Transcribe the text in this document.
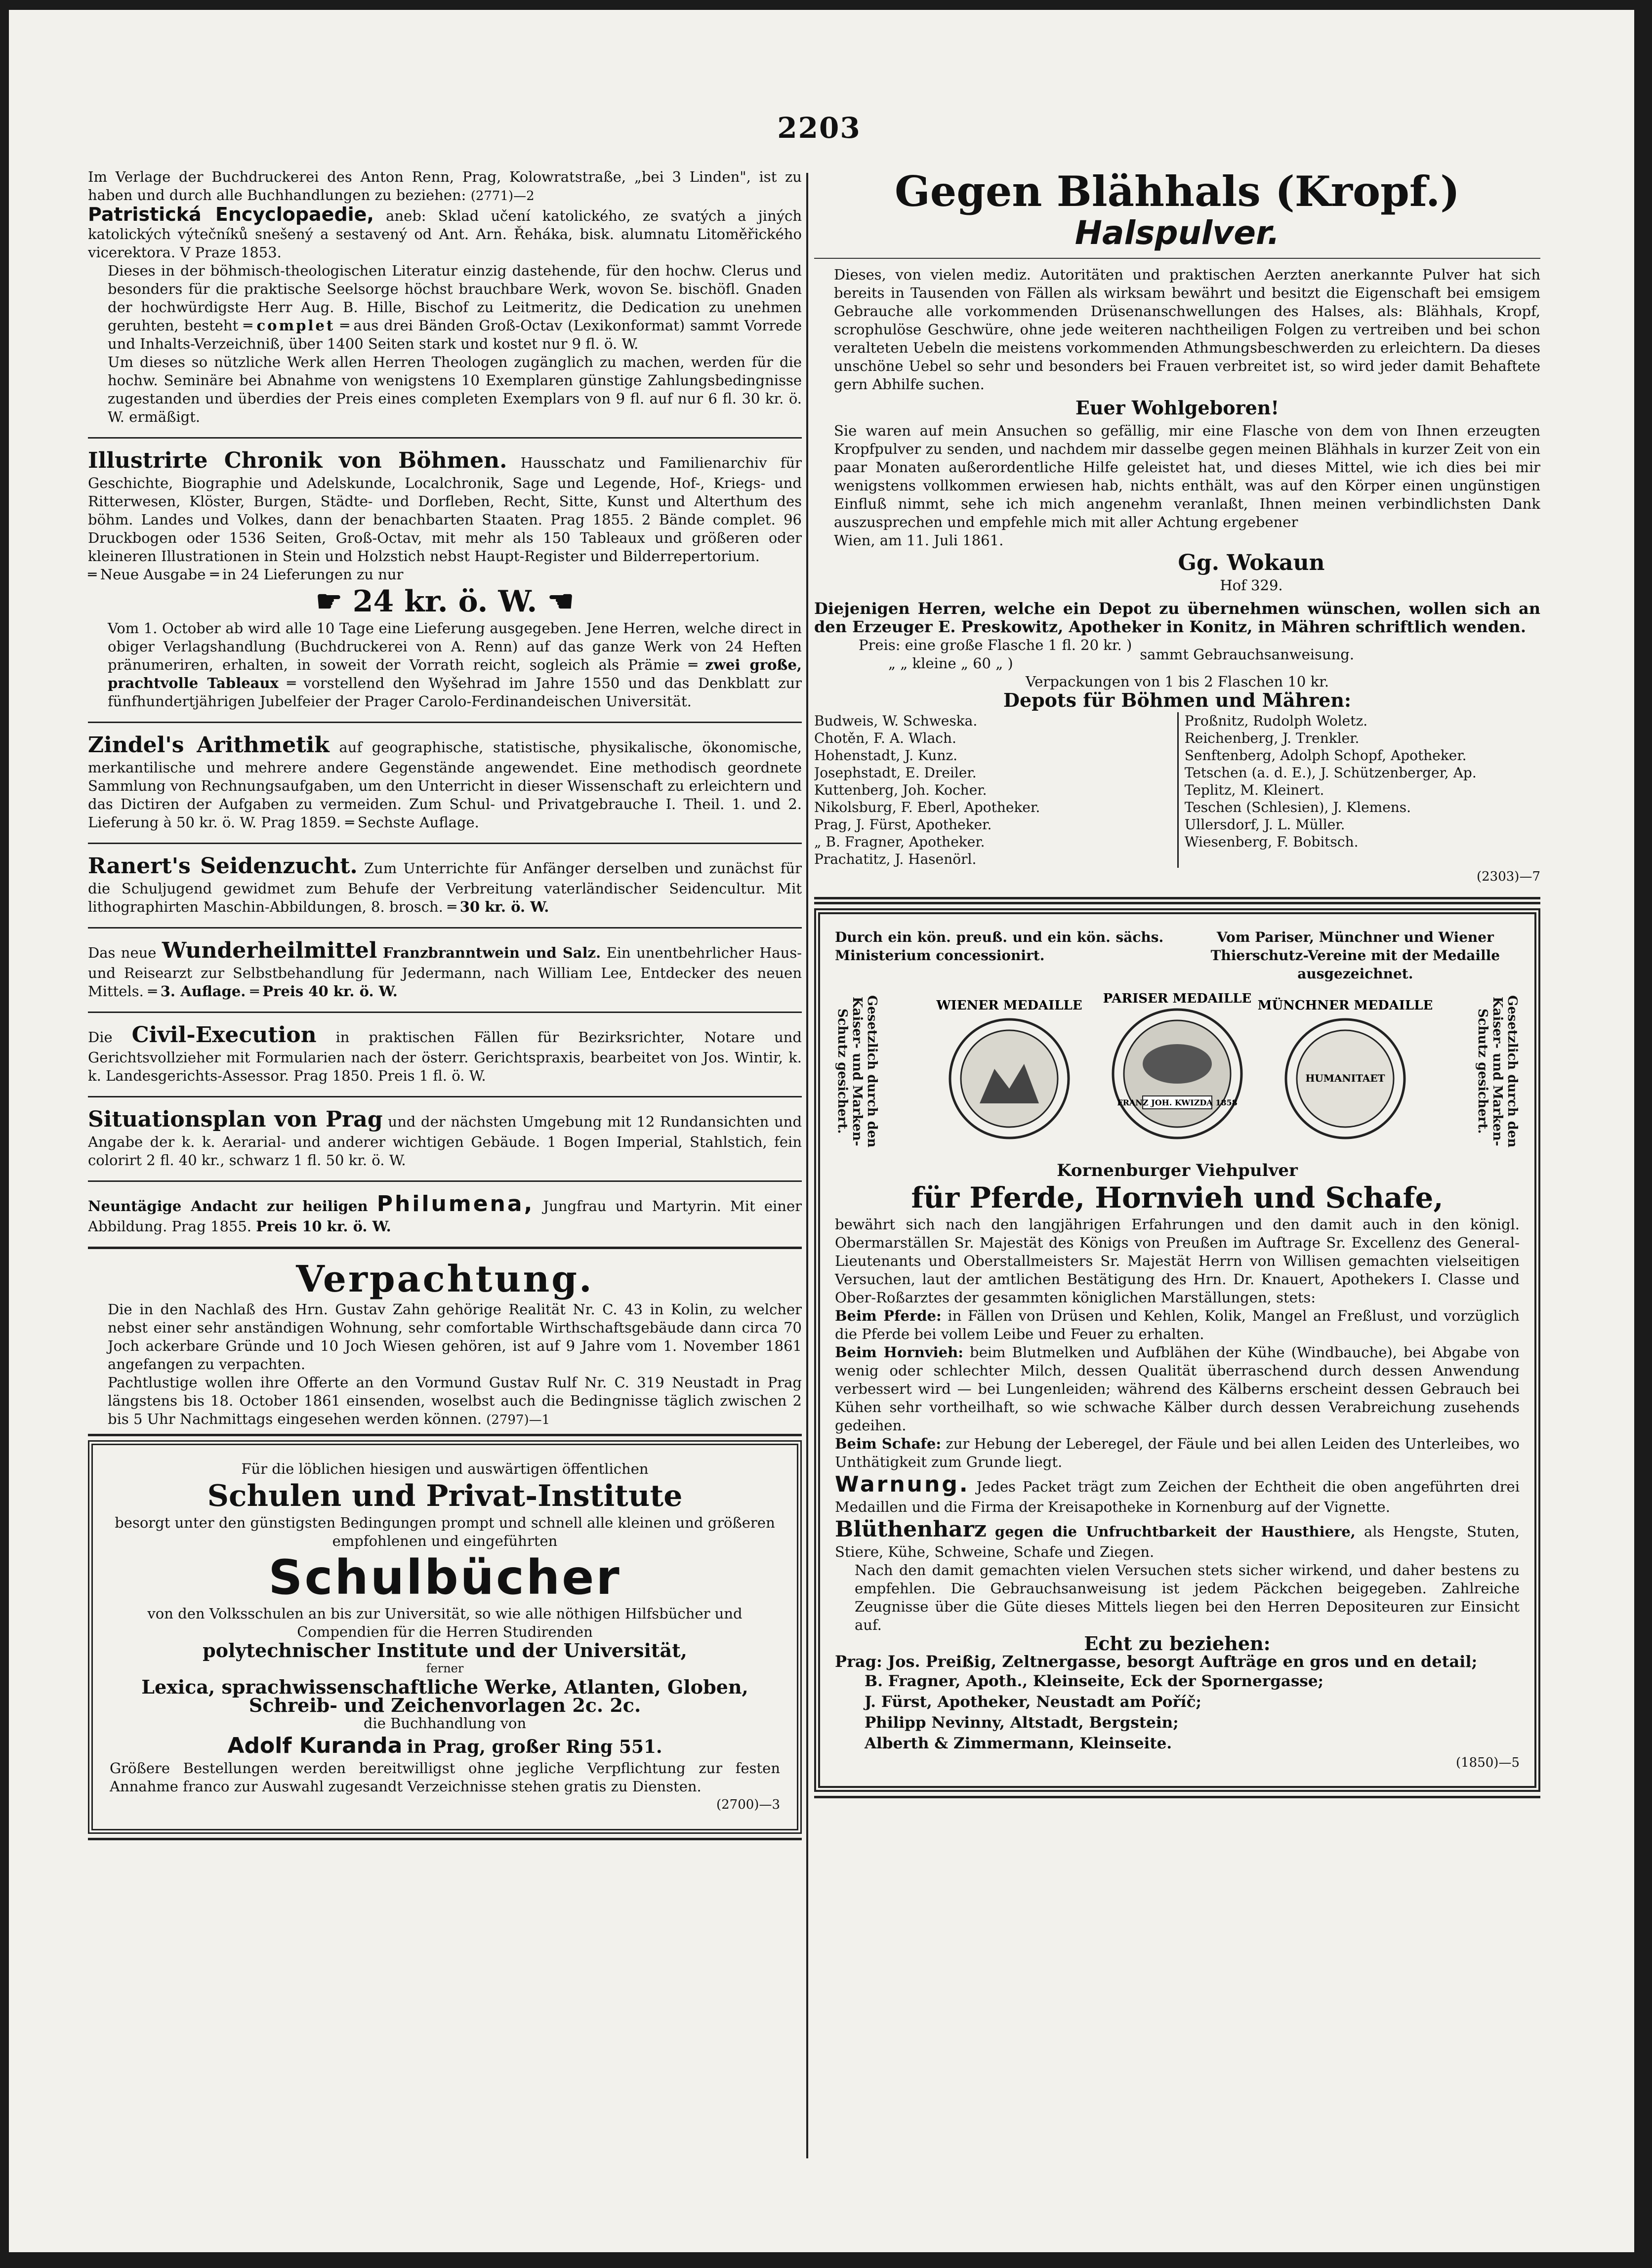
2203

Im Verlage der Buchdruckerei des Anton Renn, Prag, Kolowratstraße, „bei 3 Linden", ist zu haben und durch alle Buchhandlungen zu beziehen: (2771)—2

Patristická Encyclopaedie, aneb: Sklad učení katolického, ze svatých a jiných katolických výtečníků snešený a sestavený od Ant. Arn. Řeháka, bisk. alumnatu Litoměřického vicerektora. V Praze 1853.

Dieses in der böhmisch-theologischen Literatur einzig dastehende, für den hochw. Clerus und besonders für die praktische Seelsorge höchst brauchbare Werk, wovon Se. bischöfl. Gnaden der hochwürdigste Herr Aug. B. Hille, Bischof zu Leitmeritz, die Dedication zu unehmen geruhten, besteht ═ complet ═ aus drei Bänden Groß-Octav (Lexikonformat) sammt Vorrede und Inhalts-Verzeichniß, über 1400 Seiten stark und kostet nur 9 fl. ö. W.

Um dieses so nützliche Werk allen Herren Theologen zugänglich zu machen, werden für die hochw. Seminäre bei Abnahme von wenigstens 10 Exemplaren günstige Zahlungsbedingnisse zugestanden und überdies der Preis eines completen Exemplars von 9 fl. auf nur 6 fl. 30 kr. ö. W. ermäßigt.

Illustrirte Chronik von Böhmen. Hausschatz und Familienarchiv für Geschichte, Biographie und Adelskunde, Localchronik, Sage und Legende, Hof-, Kriegs- und Ritterwesen, Klöster, Burgen, Städte- und Dorfleben, Recht, Sitte, Kunst und Alterthum des böhm. Landes und Volkes, dann der benachbarten Staaten. Prag 1855. 2 Bände complet. 96 Druckbogen oder 1536 Seiten, Groß-Octav, mit mehr als 150 Tableaux und größeren oder kleineren Illustrationen in Stein und Holzstich nebst Haupt-Register und Bilderrepertorium.

═ Neue Ausgabe ═ in 24 Lieferungen zu nur

☛ 24 kr. ö. W. ☚

Vom 1. October ab wird alle 10 Tage eine Lieferung ausgegeben. Jene Herren, welche direct in obiger Verlagshandlung (Buchdruckerei von A. Renn) auf das ganze Werk von 24 Heften pränumeriren, erhalten, in soweit der Vorrath reicht, sogleich als Prämie ═ zwei große, prachtvolle Tableaux ═ vorstellend den Wyšehrad im Jahre 1550 und das Denkblatt zur fünfhundertjährigen Jubelfeier der Prager Carolo-Ferdinandeischen Universität.

Zindel's Arithmetik auf geographische, statistische, physikalische, ökonomische, merkantilische und mehrere andere Gegenstände angewendet. Eine methodisch geordnete Sammlung von Rechnungsaufgaben, um den Unterricht in dieser Wissenschaft zu erleichtern und das Dictiren der Aufgaben zu vermeiden. Zum Schul- und Privatgebrauche I. Theil. 1. und 2. Lieferung à 50 kr. ö. W. Prag 1859. ═ Sechste Auflage.

Ranert's Seidenzucht. Zum Unterrichte für Anfänger derselben und zunächst für die Schuljugend gewidmet zum Behufe der Verbreitung vaterländischer Seidencultur. Mit lithographirten Maschin-Abbildungen, 8. brosch. ═ 30 kr. ö. W.

Das neue Wunderheilmittel Franzbranntwein und Salz. Ein unentbehrlicher Haus- und Reisearzt zur Selbstbehandlung für Jedermann, nach William Lee, Entdecker des neuen Mittels. ═ 3. Auflage. ═ Preis 40 kr. ö. W.

Die Civil-Execution in praktischen Fällen für Bezirksrichter, Notare und Gerichtsvollzieher mit Formularien nach der österr. Gerichtspraxis, bearbeitet von Jos. Wintir, k. k. Landesgerichts-Assessor. Prag 1850. Preis 1 fl. ö. W.

Situationsplan von Prag und der nächsten Umgebung mit 12 Rundansichten und Angabe der k. k. Aerarial- und anderer wichtigen Gebäude. 1 Bogen Imperial, Stahlstich, fein colorirt 2 fl. 40 kr., schwarz 1 fl. 50 kr. ö. W.

Neuntägige Andacht zur heiligen Philumena, Jungfrau und Martyrin. Mit einer Abbildung. Prag 1855. Preis 10 kr. ö. W.

Verpachtung.

Die in den Nachlaß des Hrn. Gustav Zahn gehörige Realität Nr. C. 43 in Kolin, zu welcher nebst einer sehr anständigen Wohnung, sehr comfortable Wirthschaftsgebäude dann circa 70 Joch ackerbare Gründe und 10 Joch Wiesen gehören, ist auf 9 Jahre vom 1. November 1861 angefangen zu verpachten.

Pachtlustige wollen ihre Offerte an den Vormund Gustav Rulf Nr. C. 319 Neustadt in Prag längstens bis 18. October 1861 einsenden, woselbst auch die Bedingnisse täglich zwischen 2 bis 5 Uhr Nachmittags eingesehen werden können. (2797)—1

Für die löblichen hiesigen und auswärtigen öffentlichen

Schulen und Privat-Institute

besorgt unter den günstigsten Bedingungen prompt und schnell alle kleinen und größeren empfohlenen und eingeführten

Schulbücher

von den Volksschulen an bis zur Universität, so wie alle nöthigen Hilfsbücher und Compendien für die Herren Studirenden

polytechnischer Institute und der Universität,

ferner

Lexica, sprachwissenschaftliche Werke, Atlanten, Globen, Schreib- und Zeichenvorlagen 2c. 2c.

die Buchhandlung von

Adolf Kuranda in Prag, großer Ring 551.

Größere Bestellungen werden bereitwilligst ohne jegliche Verpflichtung zur festen Annahme franco zur Auswahl zugesandt Verzeichnisse stehen gratis zu Diensten.

(2700)—3

Gegen Blähhals (Kropf.)
Halspulver.

Dieses, von vielen mediz. Autoritäten und praktischen Aerzten anerkannte Pulver hat sich bereits in Tausenden von Fällen als wirksam bewährt und besitzt die Eigenschaft bei emsigem Gebrauche alle vorkommenden Drüsenanschwellungen des Halses, als: Blähhals, Kropf, scrophulöse Geschwüre, ohne jede weiteren nachtheiligen Folgen zu vertreiben und bei schon veralteten Uebeln die meistens vorkommenden Athmungsbeschwerden zu erleichtern. Da dieses unschöne Uebel so sehr und besonders bei Frauen verbreitet ist, so wird jeder damit Behaftete gern Abhilfe suchen.

Euer Wohlgeboren!

Sie waren auf mein Ansuchen so gefällig, mir eine Flasche von dem von Ihnen erzeugten Kropfpulver zu senden, und nachdem mir dasselbe gegen meinen Blähhals in kurzer Zeit von ein paar Monaten außerordentliche Hilfe geleistet hat, und dieses Mittel, wie ich dies bei mir wenigstens vollkommen erwiesen hab, nichts enthält, was auf den Körper einen ungünstigen Einfluß nimmt, sehe ich mich angenehm veranlaßt, Ihnen meinen verbindlichsten Dank auszusprechen und empfehle mich mit aller Achtung ergebener

Wien, am 11. Juli 1861.

Gg. Wokaun

Hof 329.

Diejenigen Herren, welche ein Depot zu übernehmen wünschen, wollen sich an den Erzeuger E. Preskowitz, Apotheker in Konitz, in Mähren schriftlich wenden.

Preis: eine große Flasche 1 fl. 20 kr. )

„ „ kleine „ 60 „ )

sammt Gebrauchsanweisung.

Verpackungen von 1 bis 2 Flaschen 10 kr.

Depots für Böhmen und Mähren:

Budweis, W. Schweska.

Chotěn, F. A. Wlach.

Hohenstadt, J. Kunz.

Josephstadt, E. Dreiler.

Kuttenberg, Joh. Kocher.

Nikolsburg, F. Eberl, Apotheker.

Prag, J. Fürst, Apotheker.

„ B. Fragner, Apotheker.

Prachatitz, J. Hasenörl.

Proßnitz, Rudolph Woletz.

Reichenberg, J. Trenkler.

Senftenberg, Adolph Schopf, Apotheker.

Tetschen (a. d. E.), J. Schützenberger, Ap.

Teplitz, M. Kleinert.

Teschen (Schlesien), J. Klemens.

Ullersdorf, J. L. Müller.

Wiesenberg, F. Bobitsch.

(2303)—7

Durch ein kön. preuß. und ein kön. sächs. Ministerium concessionirt.

Vom Pariser, Münchner und Wiener Thierschutz-Vereine mit der Medaille ausgezeichnet.

Gesetzlich durch den Kaiser- und Marken-Schutz gesichert.	FRANZ JOH. KWIZDA 1858
HUMANITAET
WIENER MEDAILLE PARISER MEDAILLE MÜNCHNER MEDAILLE	Gesetzlich durch den Kaiser- und Marken-Schutz gesichert.

Kornenburger Viehpulver

für Pferde, Hornvieh und Schafe,

bewährt sich nach den langjährigen Erfahrungen und den damit auch in den königl. Obermarställen Sr. Majestät des Königs von Preußen im Auftrage Sr. Excellenz des General-Lieutenants und Oberstallmeisters Sr. Majestät Herrn von Willisen gemachten vielseitigen Versuchen, laut der amtlichen Bestätigung des Hrn. Dr. Knauert, Apothekers I. Classe und Ober-Roßarztes der gesammten königlichen Marställungen, stets:

Beim Pferde: in Fällen von Drüsen und Kehlen, Kolik, Mangel an Freßlust, und vorzüglich die Pferde bei vollem Leibe und Feuer zu erhalten.

Beim Hornvieh: beim Blutmelken und Aufblähen der Kühe (Windbauche), bei Abgabe von wenig oder schlechter Milch, dessen Qualität überraschend durch dessen Anwendung verbessert wird — bei Lungenleiden; während des Kälberns erscheint dessen Gebrauch bei Kühen sehr vortheilhaft, so wie schwache Kälber durch dessen Verabreichung zusehends gedeihen.

Beim Schafe: zur Hebung der Leberegel, der Fäule und bei allen Leiden des Unterleibes, wo Unthätigkeit zum Grunde liegt.

Warnung. Jedes Packet trägt zum Zeichen der Echtheit die oben angeführten drei Medaillen und die Firma der Kreisapotheke in Kornenburg auf der Vignette.

Blüthenharz gegen die Unfruchtbarkeit der Hausthiere, als Hengste, Stuten, Stiere, Kühe, Schweine, Schafe und Ziegen.

Nach den damit gemachten vielen Versuchen stets sicher wirkend, und daher bestens zu empfehlen. Die Gebrauchsanweisung ist jedem Päckchen beigegeben. Zahlreiche Zeugnisse über die Güte dieses Mittels liegen bei den Herren Depositeuren zur Einsicht auf.

Echt zu beziehen:

Prag: Jos. Preißig, Zeltnergasse, besorgt Aufträge en gros und en detail;

B. Fragner, Apoth., Kleinseite, Eck der Spornergasse;

J. Fürst, Apotheker, Neustadt am Poříč;

Philipp Nevinny, Altstadt, Bergstein;

Alberth & Zimmermann, Kleinseite.

(1850)—5
